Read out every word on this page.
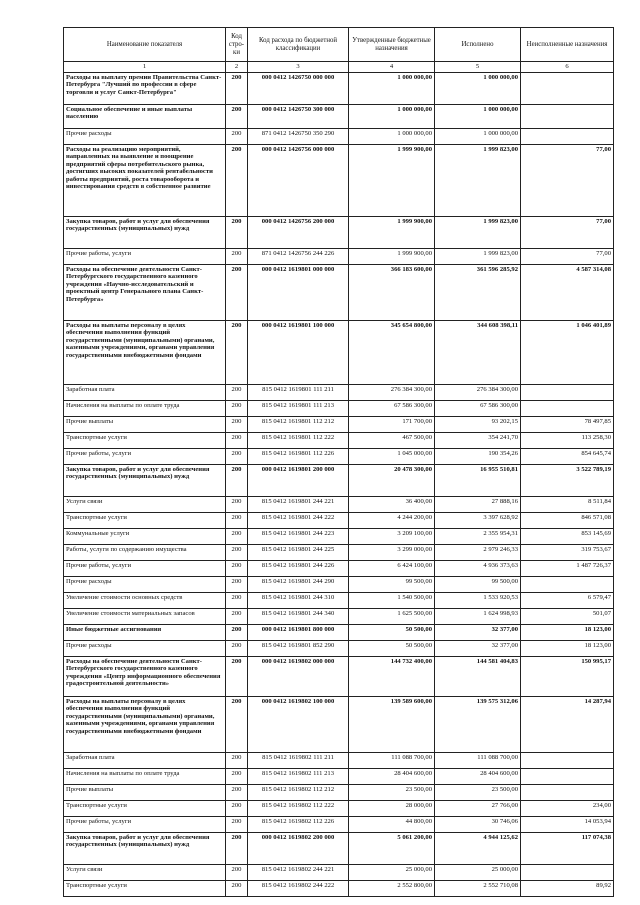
Наименование показателя	Код стро-ки	Код расхода по бюджетной классификации	Утвержденные бюджетные назначения	Исполнено	Неисполненные назначения
1	2	3	4	5	6
Расходы на выплату премии Правительства Санкт-Петербурга "Лучший по профессии в сфере торговли и услуг Санкт-Петербурга"	200	000 0412 1426750 000 000	1 000 000,00	1 000 000,00	
Социальное обеспечение и иные выплаты населению	200	000 0412 1426750 300 000	1 000 000,00	1 000 000,00	
Прочие расходы	200	871 0412 1426750 350 290	1 000 000,00	1 000 000,00	
Расходы на реализацию мероприятий, направленных на выявление и поощрение предприятий сферы потребительского рынка, достигших высоких показателей рентабельности работы предприятий, роста товарооборота и инвестирования средств в собственное развитие	200	000 0412 1426756 000 000	1 999 900,00	1 999 823,00	77,00
Закупка товаров, работ и услуг для обеспечения государственных (муниципальных) нужд	200	000 0412 1426756 200 000	1 999 900,00	1 999 823,00	77,00
Прочие работы, услуги	200	871 0412 1426756 244 226	1 999 900,00	1 999 823,00	77,00
Расходы на обеспечение деятельности Санкт-Петербургского государственного казенного учреждения «Научно-исследовательский и проектный центр Генерального плана Санкт-Петербурга»	200	000 0412 1619801 000 000	366 183 600,00	361 596 285,92	4 587 314,08
Расходы на выплаты персоналу в целях обеспечения выполнения функций государственными (муниципальными) органами, казенными учреждениями, органами управления государственными внебюджетными фондами	200	000 0412 1619801 100 000	345 654 800,00	344 608 398,11	1 046 401,89
Заработная плата	200	815 0412 1619801 111 211	276 384 300,00	276 384 300,00	
Начисления на выплаты по оплате труда	200	815 0412 1619801 111 213	67 586 300,00	67 586 300,00	
Прочие выплаты	200	815 0412 1619801 112 212	171 700,00	93 202,15	78 497,85
Транспортные услуги	200	815 0412 1619801 112 222	467 500,00	354 241,70	113 258,30
Прочие работы, услуги	200	815 0412 1619801 112 226	1 045 000,00	190 354,26	854 645,74
Закупка товаров, работ и услуг для обеспечения государственных (муниципальных) нужд	200	000 0412 1619801 200 000	20 478 300,00	16 955 510,81	3 522 789,19
Услуги связи	200	815 0412 1619801 244 221	36 400,00	27 888,16	8 511,84
Транспортные услуги	200	815 0412 1619801 244 222	4 244 200,00	3 397 628,92	846 571,08
Коммунальные услуги	200	815 0412 1619801 244 223	3 209 100,00	2 355 954,31	853 145,69
Работы, услуги по содержанию имущества	200	815 0412 1619801 244 225	3 299 000,00	2 979 246,33	319 753,67
Прочие работы, услуги	200	815 0412 1619801 244 226	6 424 100,00	4 936 373,63	1 487 726,37
Прочие расходы	200	815 0412 1619801 244 290	99 500,00	99 500,00	
Увеличение стоимости основных средств	200	815 0412 1619801 244 310	1 540 500,00	1 533 920,53	6 579,47
Увеличение стоимости материальных запасов	200	815 0412 1619801 244 340	1 625 500,00	1 624 998,93	501,07
Иные бюджетные ассигнования	200	000 0412 1619801 800 000	50 500,00	32 377,00	18 123,00
Прочие расходы	200	815 0412 1619801 852 290	50 500,00	32 377,00	18 123,00
Расходы на обеспечение деятельности Санкт-Петербургского государственного казенного учреждения «Центр информационного обеспечения градостроительной деятельности»	200	000 0412 1619802 000 000	144 732 400,00	144 581 404,83	150 995,17
Расходы на выплаты персоналу в целях обеспечения выполнения функций государственными (муниципальными) органами, казенными учреждениями, органами управления государственными внебюджетными фондами	200	000 0412 1619802 100 000	139 589 600,00	139 575 312,06	14 287,94
Заработная плата	200	815 0412 1619802 111 211	111 088 700,00	111 088 700,00	
Начисления на выплаты по оплате труда	200	815 0412 1619802 111 213	28 404 600,00	28 404 600,00	
Прочие выплаты	200	815 0412 1619802 112 212	23 500,00	23 500,00	
Транспортные услуги	200	815 0412 1619802 112 222	28 000,00	27 766,00	234,00
Прочие работы, услуги	200	815 0412 1619802 112 226	44 800,00	30 746,06	14 053,94
Закупка товаров, работ и услуг для обеспечения государственных (муниципальных) нужд	200	000 0412 1619802 200 000	5 061 200,00	4 944 125,62	117 074,38
Услуги связи	200	815 0412 1619802 244 221	25 000,00	25 000,00	
Транспортные услуги	200	815 0412 1619802 244 222	2 552 800,00	2 552 710,08	89,92
